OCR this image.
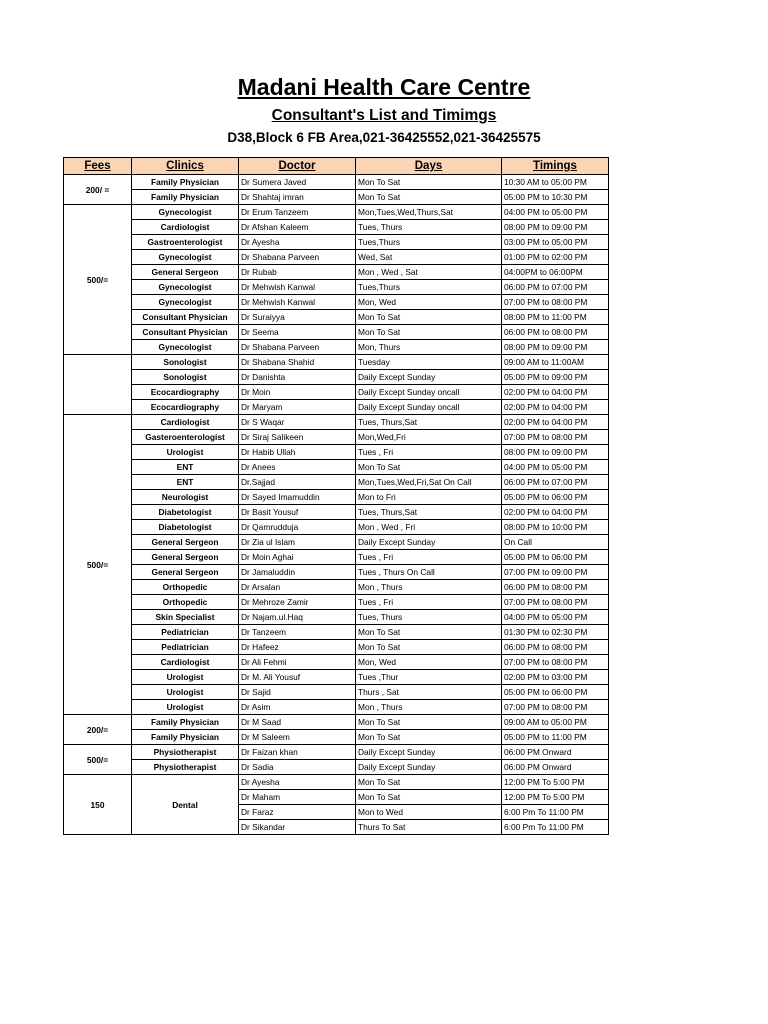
Madani Health Care Centre
Consultant's List and Timimgs
D38,Block 6 FB Area,021-36425552,021-36425575
Fees	Clinics	Doctor	Days	Timings
200/ =	Family Physician	Dr Sumera Javed	Mon To Sat	10:30 AM to 05:00 PM
	Family Physician	Dr Shahtaj imran	Mon To Sat	05:00 PM to 10:30 PM
500/=	Gynecologist	Dr Erum Tanzeem	Mon,Tues,Wed,Thurs,Sat	04:00 PM to 05:00 PM
	Cardiologist	Dr Afshan Kaleem	Tues, Thurs	08:00 PM to 09:00 PM
	Gastroenterologist	Dr Ayesha	Tues,Thurs	03:00 PM to 05:00 PM
	Gynecologist	Dr Shabana Parveen	Wed, Sat	01:00 PM to 02:00 PM
	General Sergeon	Dr Rubab	Mon , Wed , Sat	04:00PM to 06:00PM
	Gynecologist	Dr Mehwish Kanwal	Tues,Thurs	06:00 PM to 07:00 PM
	Gynecologist	Dr Mehwish Kanwal	Mon, Wed	07:00 PM to 08:00 PM
	Consultant Physician	Dr Suraiyya	Mon To Sat	08:00 PM to 11:00 PM
	Consultant Physician	Dr Seema	Mon To Sat	06:00 PM to 08:00 PM
	Gynecologist	Dr Shabana Parveen	Mon, Thurs	08:00 PM to 09:00 PM
	Sonologist	Dr Shabana Shahid	Tuesday	09:00 AM to 11:00AM
	Sonologist	Dr Danishta	Daily Except Sunday	05:00 PM to 09:00 PM
	Ecocardiography	Dr Moin	Daily Except Sunday oncall	02:00 PM to 04:00 PM
	Ecocardiography	Dr Maryam	Daily Except Sunday oncall	02:00 PM to 04:00 PM
500/=	Cardiologist	Dr S Waqar	Tues, Thurs,Sat	02:00 PM to 04:00 PM
	Gasteroenterologist	Dr Siraj Salikeen	Mon,Wed,Fri	07:00 PM to 08:00 PM
	Urologist	Dr Habib Ullah	Tues , Fri	08:00 PM to 09:00 PM
	ENT	Dr Anees	Mon To Sat	04:00 PM to 05:00 PM
	ENT	Dr.Sajjad	Mon,Tues,Wed,Fri,Sat On Call	06:00 PM to 07:00 PM
	Neurologist	Dr Sayed Imamuddin	Mon to Fri	05:00 PM to 06:00 PM
	Diabetologist	Dr Basit Yousuf	Tues, Thurs,Sat	02:00 PM to 04:00 PM
	Diabetologist	Dr Qamrudduja	Mon , Wed , Fri	08:00 PM to 10:00 PM
	General Sergeon	Dr Zia ul Islam	Daily Except Sunday	On Call
	General Sergeon	Dr Moin Aghai	Tues , Fri	05:00 PM to 06:00 PM
	General Sergeon	Dr Jamaluddin	Tues , Thurs On Call	07:00 PM to 09:00 PM
	Orthopedic	Dr Arsalan	Mon , Thurs	06:00 PM to 08:00 PM
	Orthopedic	Dr Mehroze Zamir	Tues , Fri	07:00 PM to 08:00 PM
	Skin Specialist	Dr Najam.ul.Haq	Tues, Thurs	04:00 PM to 05:00 PM
	Pediatrician	Dr Tanzeem	Mon To Sat	01:30 PM to 02:30 PM
	Pediatrician	Dr Hafeez	Mon To Sat	06:00 PM to 08:00 PM
	Cardiologist	Dr Ali Fehmi	Mon, Wed	07:00 PM to 08:00 PM
	Urologist	Dr M. Ali Yousuf	Tues ,Thur	02:00 PM to 03:00 PM
	Urologist	Dr Sajid	Thurs , Sat	05:00 PM to 06:00 PM
	Urologist	Dr Asim	Mon , Thurs	07:00 PM to 08:00 PM
200/=	Family Physician	Dr M Saad	Mon To Sat	09:00 AM to 05:00 PM
	Family Physician	Dr M Saleem	Mon To Sat	05:00 PM to 11:00 PM
500/=	Physiotherapist	Dr Faizan khan	Daily Except Sunday	06:00 PM Onward
	Physiotherapist	Dr Sadia	Daily Except Sunday	06:00 PM Onward
150	Dental	Dr Ayesha	Mon To Sat	12:00 PM To 5:00 PM
		Dr Maham	Mon To Sat	12:00 PM To 5:00 PM
		Dr Faraz	Mon to Wed	6:00 Pm To 11:00 PM
		Dr Sikandar	Thurs To Sat	6:00 Pm To 11:00 PM
